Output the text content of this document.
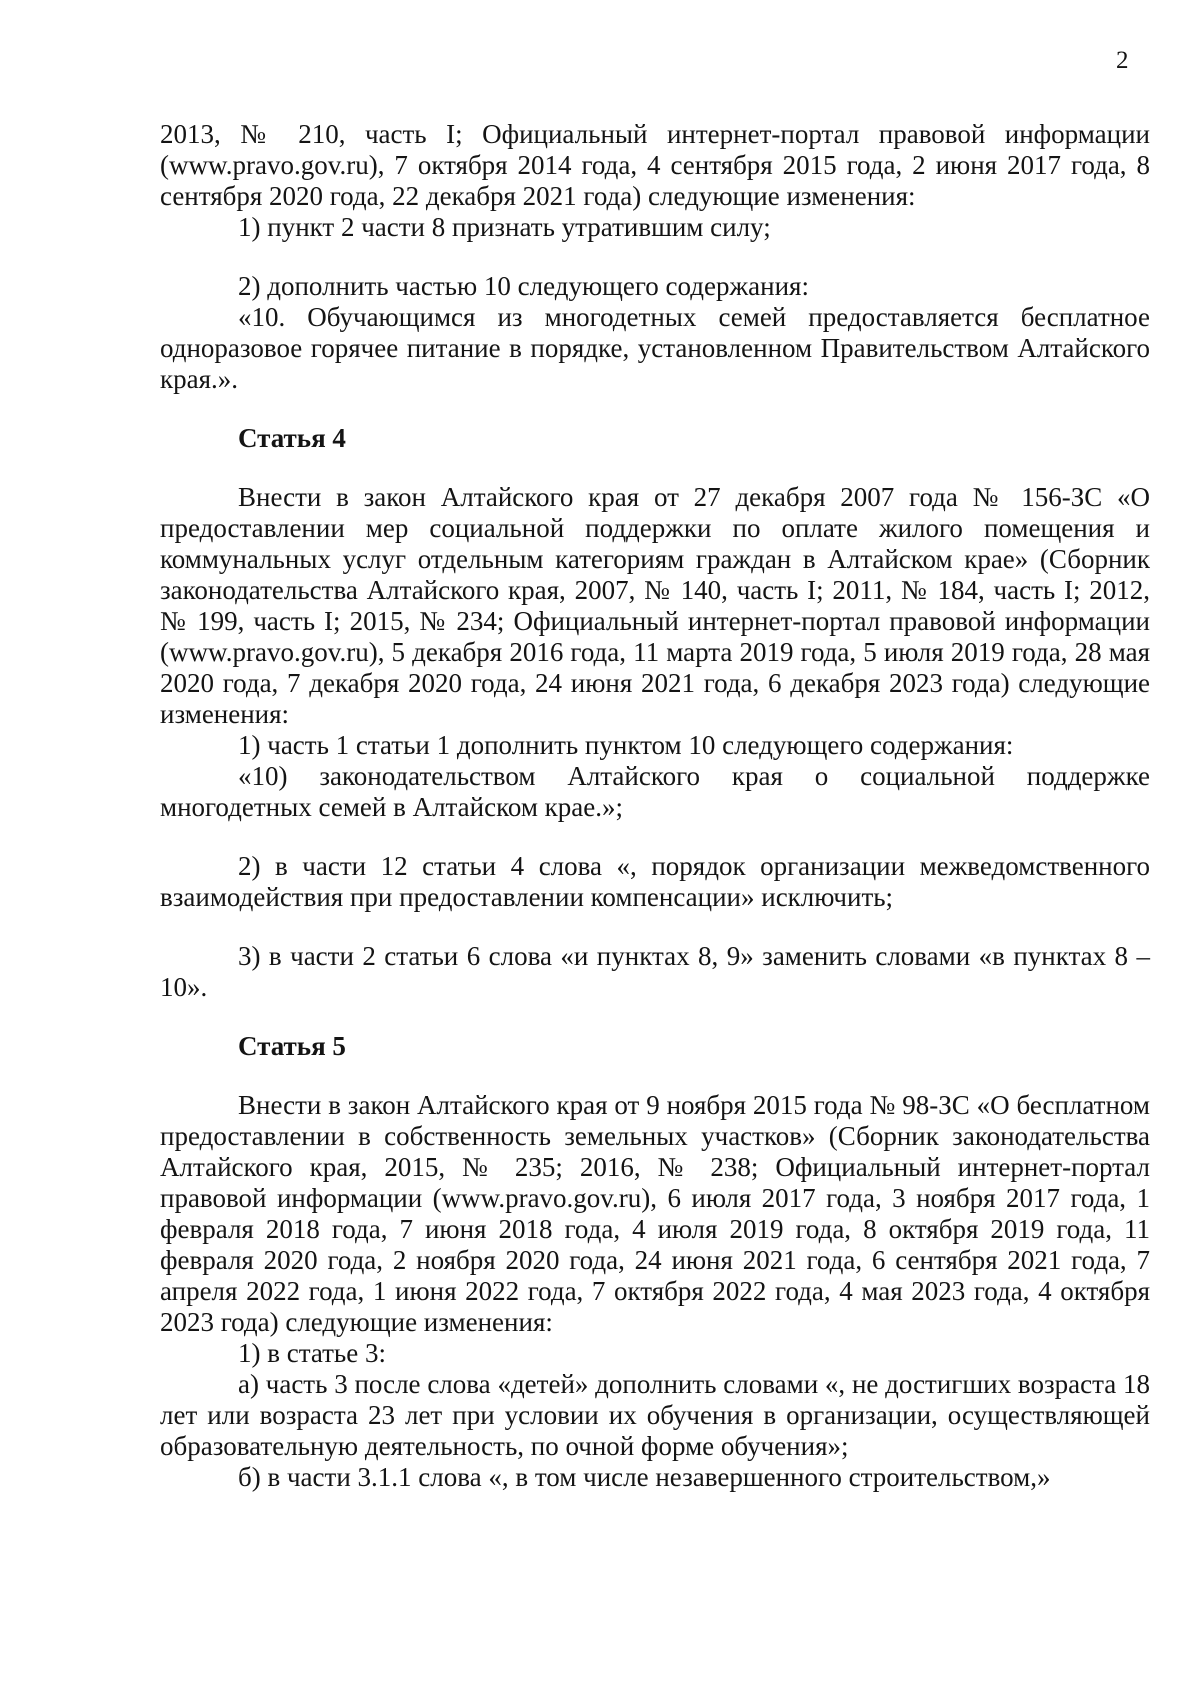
2

2013, № 210, часть I; Официальный интернет-портал правовой информации (www.pravo.gov.ru), 7 октября 2014 года, 4 сентября 2015 года, 2 июня 2017 года, 8 сентября 2020 года, 22 декабря 2021 года) следующие изменения:

1) пункт 2 части 8 признать утратившим силу;

2) дополнить частью 10 следующего содержания:

«10. Обучающимся из многодетных семей предоставляется бесплатное одноразовое горячее питание в порядке, установленном Правительством Алтайского края.».

Статья 4

Внести в закон Алтайского края от 27 декабря 2007 года № 156-ЗС «О предоставлении мер социальной поддержки по оплате жилого помещения и коммунальных услуг отдельным категориям граждан в Алтайском крае» (Сборник законодательства Алтайского края, 2007, № 140, часть I; 2011, № 184, часть I; 2012, № 199, часть I; 2015, № 234; Официальный интернет-портал правовой информации (www.pravo.gov.ru), 5 декабря 2016 года, 11 марта 2019 года, 5 июля 2019 года, 28 мая 2020 года, 7 декабря 2020 года, 24 июня 2021 года, 6 декабря 2023 года) следующие изменения:

1) часть 1 статьи 1 дополнить пунктом 10 следующего содержания:

«10) законодательством Алтайского края о социальной поддержке многодетных семей в Алтайском крае.»;

2) в части 12 статьи 4 слова «, порядок организации межведомственного взаимодействия при предоставлении компенсации» исключить;

3) в части 2 статьи 6 слова «и пунктах 8, 9» заменить словами «в пунктах 8 – 10».

Статья 5

Внести в закон Алтайского края от 9 ноября 2015 года № 98-ЗС «О бесплатном предоставлении в собственность земельных участков» (Сборник законодательства Алтайского края, 2015, № 235; 2016, № 238; Официальный интернет-портал правовой информации (www.pravo.gov.ru), 6 июля 2017 года, 3 ноября 2017 года, 1 февраля 2018 года, 7 июня 2018 года, 4 июля 2019 года, 8 октября 2019 года, 11 февраля 2020 года, 2 ноября 2020 года, 24 июня 2021 года, 6 сентября 2021 года, 7 апреля 2022 года, 1 июня 2022 года, 7 октября 2022 года, 4 мая 2023 года, 4 октября 2023 года) следующие изменения:

1) в статье 3:

а) часть 3 после слова «детей» дополнить словами «, не достигших возраста 18 лет или возраста 23 лет при условии их обучения в организации, осуществляющей образовательную деятельность, по очной форме обучения»;

б) в части 3.1.1 слова «, в том числе незавершенного строительством,»
